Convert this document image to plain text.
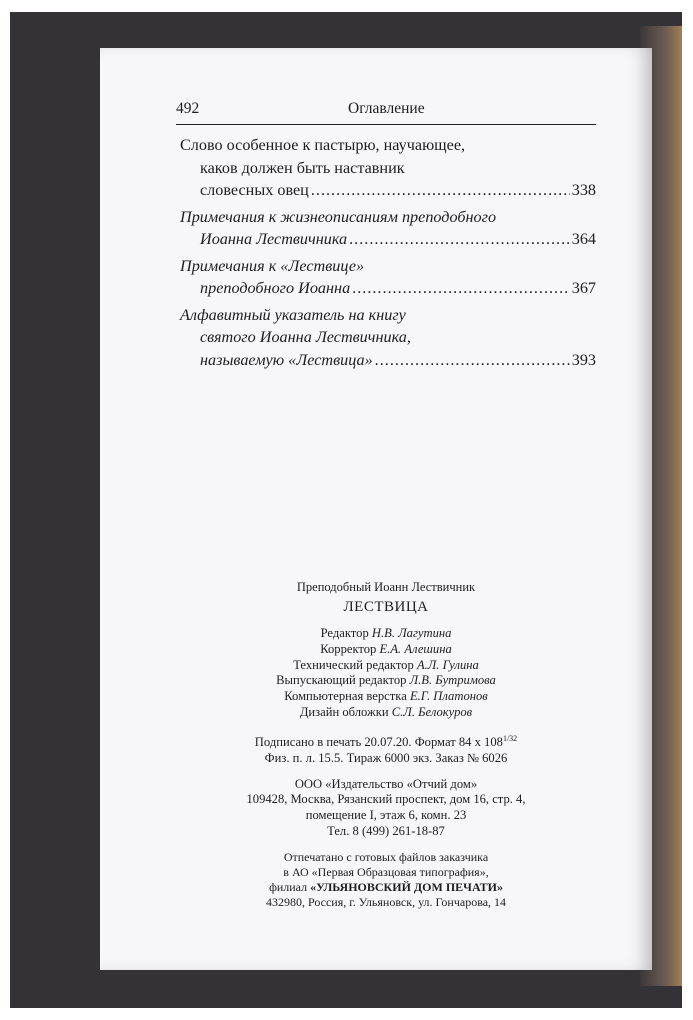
492	Оглавление
Слово особенное к пастырю, научающее,
каков должен быть наставник
словесных овец .....	338
Примечания к жизнеописаниям преподобного
Иоанна Лествичника .....	364
Примечания к «Лествице»
преподобного Иоанна .....	367
Алфавитный указатель на книгу
святого Иоанна Лествичника,
называемую «Лествица» .....	393
Преподобный Иоанн Лествичник
ЛЕСТВИЦА
Редактор Н.В. Лагутина
Корректор Е.А. Алешина
Технический редактор А.Л. Гулина
Выпускающий редактор Л.В. Бутримова
Компьютерная верстка Е.Г. Платонов
Дизайн обложки С.Л. Белокуров
Подписано в печать 20.07.20. Формат 84 х $108^{1/32}$
Физ. п. л. 15.5. Тираж 6000 экз. Заказ № 6026
ООО «Издательство «Отчий дом»
109428, Москва, Рязанский проспект, дом 16, стр. 4,
помещение I, этаж 6, комн. 23
Тел. 8 (499) 261-18-87
Отпечатано с готовых файлов заказчика
в АО «Первая Образцовая типография»,
филиал «УЛЬЯНОВСКИЙ ДОМ ПЕЧАТИ»
432980, Россия, г. Ульяновск, ул. Гончарова, 14
